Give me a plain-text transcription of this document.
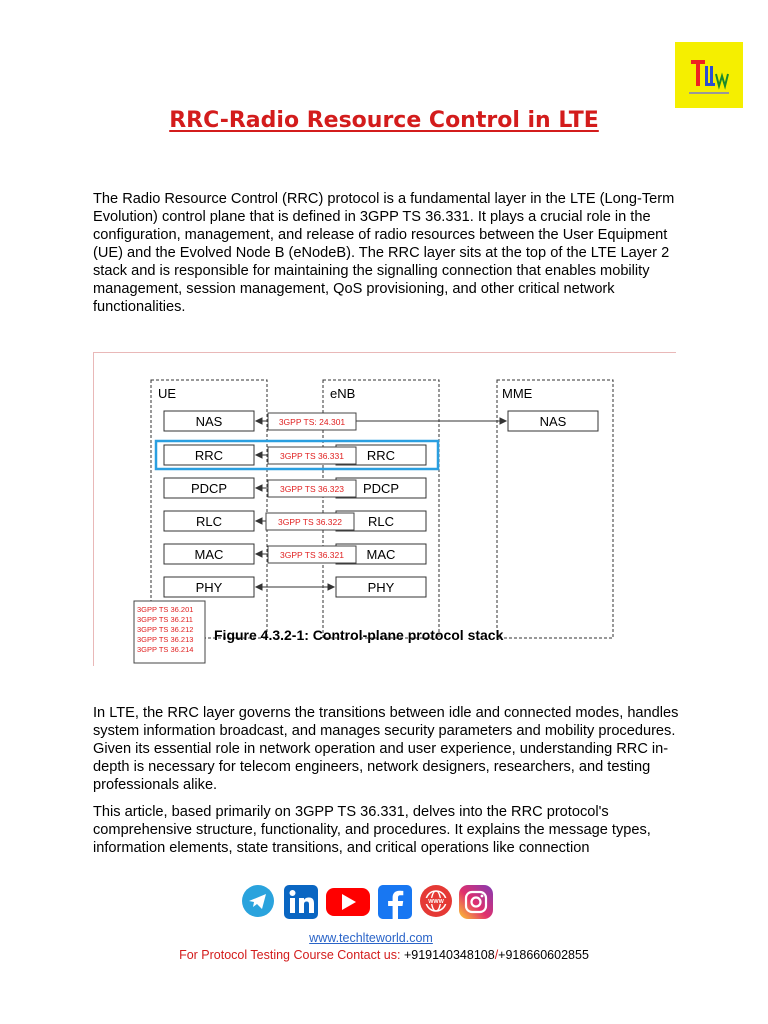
RRC-Radio Resource Control in LTE

The Radio Resource Control (RRC) protocol is a fundamental layer in the LTE (Long-Term Evolution) control plane that is defined in 3GPP TS 36.331. It plays a crucial role in the configuration, management, and release of radio resources between the User Equipment (UE) and the Evolved Node B (eNodeB). The RRC layer sits at the top of the LTE Layer 2 stack and is responsible for maintaining the signalling connection that enables mobility management, session management, QoS provisioning, and other critical network functionalities.

UE	eNB	MME
NAS
RRC
PDCP
RLC
MAC
PHY
RRC
PDCP
RLC
MAC
PHY
NAS
3GPP TS: 24.301
3GPP TS 36.331
3GPP TS 36.323
3GPP TS 36.322
3GPP TS 36.321
3GPP TS 36.201
3GPP TS 36.211
3GPP TS 36.212
3GPP TS 36.213
3GPP TS 36.214
Figure 4.3.2-1: Control-plane protocol stack

In LTE, the RRC layer governs the transitions between idle and connected modes, handles system information broadcast, and manages security parameters and mobility procedures. Given its essential role in network operation and user experience, understanding RRC in-depth is necessary for telecom engineers, network designers, researchers, and testing professionals alike.

This article, based primarily on 3GPP TS 36.331, delves into the RRC protocol's comprehensive structure, functionality, and procedures. It explains the message types, information elements, state transitions, and critical operations like connection

WWW
www.techlteworld.com
For Protocol Testing Course Contact us: +919140348108/+918660602855
